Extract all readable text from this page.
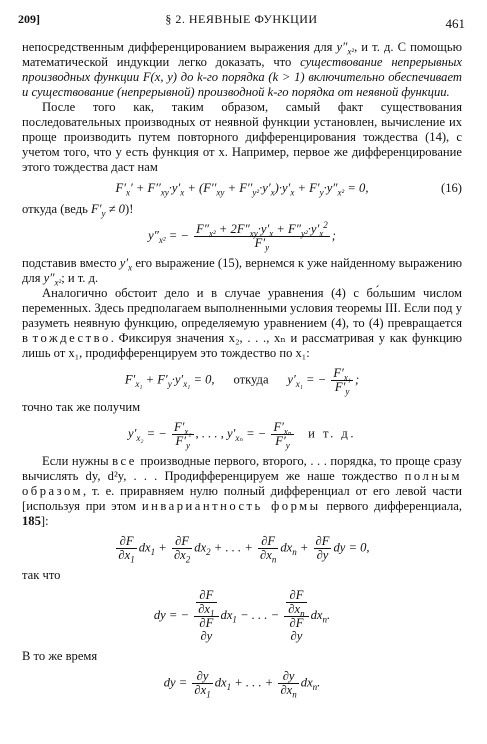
209]	§ 2. НЕЯВНЫЕ ФУНКЦИИ	461

непосредственным дифференцированием выражения для $y''_{x^2}$, и т. д. С помощью математической индукции легко доказать, что существование непрерывных производных функции F(x, y) до k-го порядка (k > 1) включительно обеспечивает и существование (непрерывной) производной k-го порядка от неявной функции.

После того как, таким образом, самый факт существования последовательных производных от неявной функции установлен, вычисление их проще производить путем повторного дифференцирования тождества (14), с учетом того, что y есть функция от x. Например, первое же дифференцирование этого тождества даст нам

$F'_x' + F''_{xy}\cdot y'_x + (F''_{xy} + F''_{y^2}\cdot y'_x)\cdot y'_x + F'_y\cdot y''_{x^2} = 0$,	(16)

откуда (ведь $F'_y \ne 0$)!

$y''_{x^2}$ = − $\frac{F''_{x^2} + 2F''_{xy}\cdot y'_x + F''_{y^2}\cdot y'_x^2}{F'_y}$ ;

подставив вместо $y'_x$ его выражение (15), вернемся к уже найденному выражению для $y''_{x^2}$; и т. д.

Аналогично обстоит дело и в случае уравнения (4) с бо́льшим числом переменных. Здесь предполагаем выполненными условия теоремы III. Если под y разуметь неявную функцию, определяемую уравнением (4), то (4) превращается в тождество. Фиксируя значения x₂, . . ., xₙ и рассматривая y как функцию лишь от x₁, продифференцируем это тождество по x₁:

$F'_{x_1} + F'_y\cdot y'_{x_1} = 0$,      откуда      $y'_{x_1}$ = − $\frac{F'_{x_1}}{F'_y}$ ;

точно так же получим

$y'_{x_2}$ = − $\frac{F'_{x_2}}{F'_y}$ , . . . , $y'_{x_n}$ = − $\frac{F'_{x_n}}{F'_y}$ и т. д.

Если нужны все производные первого, второго, . . . порядка, то проще сразу вычислять dy, d²y, . . . Продифференцируем же наше тождество полным образом, т. е. приравняем нулю полный дифференциал от его левой части [используя при этом инвариантность формы первого дифференциала, 185]:

$\frac{\partial F}{\partial x_1} dx_1 + \frac{\partial F}{\partial x_2} dx_2$ + . . . + $\frac{\partial F}{\partial x_n} dx_n + \frac{\partial F}{\partial y}$ dy = 0,

так что

dy = − $\frac{\partial F}{\partial x_1}$
∂F
∂y
$dx_1$ − . . . − $\frac{\partial F}{\partial x_n}$
∂F
∂y
$dx_n$.

В то же время

dy = $\frac{\partial y}{\partial x_1} dx_1$ + . . . + $\frac{\partial y}{\partial x_n} dx_n$.
